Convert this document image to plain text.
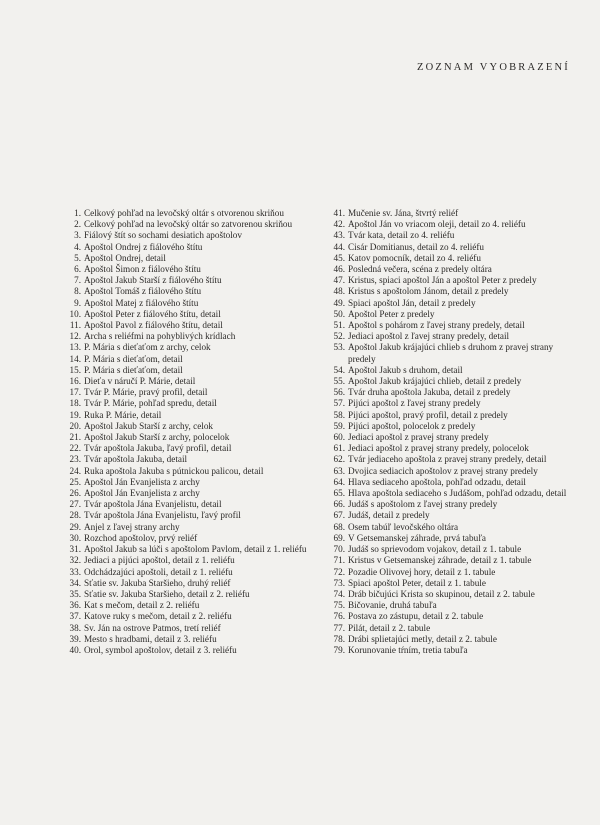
ZOZNAM VYOBRAZENÍ
1. Celkový pohľad na levočský oltár s otvorenou skriňou
2. Celkový pohľad na levočský oltár so zatvorenou skriňou
3. Fiálový štít so sochami desiatich apoštolov
4. Apoštol Ondrej z fiálového štítu
5. Apoštol Ondrej, detail
6. Apoštol Šimon z fiálového štítu
7. Apoštol Jakub Starší z fiálového štítu
8. Apoštol Tomáš z fiálového štítu
9. Apoštol Matej z fiálového štítu
10. Apoštol Peter z fiálového štítu, detail
11. Apoštol Pavol z fiálového štítu, detail
12. Archa s reliéfmi na pohyblivých krídlach
13. P. Mária s dieťaťom z archy, celok
14. P. Mária s dieťaťom, detail
15. P. Mária s dieťaťom, detail
16. Dieťa v náručí P. Márie, detail
17. Tvár P. Márie, pravý profil, detail
18. Tvár P. Márie, pohľad spredu, detail
19. Ruka P. Márie, detail
20. Apoštol Jakub Starší z archy, celok
21. Apoštol Jakub Starší z archy, polocelok
22. Tvár apoštola Jakuba, ľavý profil, detail
23. Tvár apoštola Jakuba, detail
24. Ruka apoštola Jakuba s pútnickou palicou, detail
25. Apoštol Ján Evanjelista z archy
26. Apoštol Ján Evanjelista z archy
27. Tvár apoštola Jána Evanjelistu, detail
28. Tvár apoštola Jána Evanjelistu, ľavý profil
29. Anjel z ľavej strany archy
30. Rozchod apoštolov, prvý reliéf
31. Apoštol Jakub sa lúči s apoštolom Pavlom, detail z 1. reliéfu
32. Jediaci a pijúci apoštol, detail z 1. reliéfu
33. Odchádzajúci apoštoli, detail z 1. reliéfu
34. Sťatie sv. Jakuba Staršieho, druhý reliéf
35. Sťatie sv. Jakuba Staršieho, detail z 2. reliéfu
36. Kat s mečom, detail z 2. reliéfu
37. Katove ruky s mečom, detail z 2. reliéfu
38. Sv. Ján na ostrove Patmos, tretí reliéf
39. Mesto s hradbami, detail z 3. reliéfu
40. Orol, symbol apoštolov, detail z 3. reliéfu
41. Mučenie sv. Jána, štvrtý reliéf
42. Apoštol Ján vo vriacom oleji, detail zo 4. reliéfu
43. Tvár kata, detail zo 4. reliéfu
44. Cisár Domitianus, detail zo 4. reliéfu
45. Katov pomocník, detail zo 4. reliéfu
46. Posledná večera, scéna z predely oltára
47. Kristus, spiaci apoštol Ján a apoštol Peter z predely
48. Kristus s apoštolom Jánom, detail z predely
49. Spiaci apoštol Ján, detail z predely
50. Apoštol Peter z predely
51. Apoštol s pohárom z ľavej strany predely, detail
52. Jediaci apoštol z ľavej strany predely, detail
53. Apoštol Jakub krájajúci chlieb s druhom z pravej strany predely
54. Apoštol Jakub s druhom, detail
55. Apoštol Jakub krájajúci chlieb, detail z predely
56. Tvár druha apoštola Jakuba, detail z predely
57. Pijúci apoštol z ľavej strany predely
58. Pijúci apoštol, pravý profil, detail z predely
59. Pijúci apoštol, polocelok z predely
60. Jediaci apoštol z pravej strany predely
61. Jediaci apoštol z pravej strany predely, polocelok
62. Tvár jediaceho apoštola z pravej strany predely, detail
63. Dvojica sediacich apoštolov z pravej strany predely
64. Hlava sediaceho apoštola, pohľad odzadu, detail
65. Hlava apoštola sediaceho s Judášom, pohľad odzadu, detail
66. Judáš s apoštolom z ľavej strany predely
67. Judáš, detail z predely
68. Osem tabúľ levočského oltára
69. V Getsemanskej záhrade, prvá tabuľa
70. Judáš so sprievodom vojakov, detail z 1. tabule
71. Kristus v Getsemanskej záhrade, detail z 1. tabule
72. Pozadie Olivovej hory, detail z 1. tabule
73. Spiaci apoštol Peter, detail z 1. tabule
74. Dráb bičujúci Krista so skupinou, detail z 2. tabule
75. Bičovanie, druhá tabuľa
76. Postava zo zástupu, detail z 2. tabule
77. Pilát, detail z 2. tabule
78. Drábi splietajúci metly, detail z 2. tabule
79. Korunovanie tŕním, tretia tabuľa
